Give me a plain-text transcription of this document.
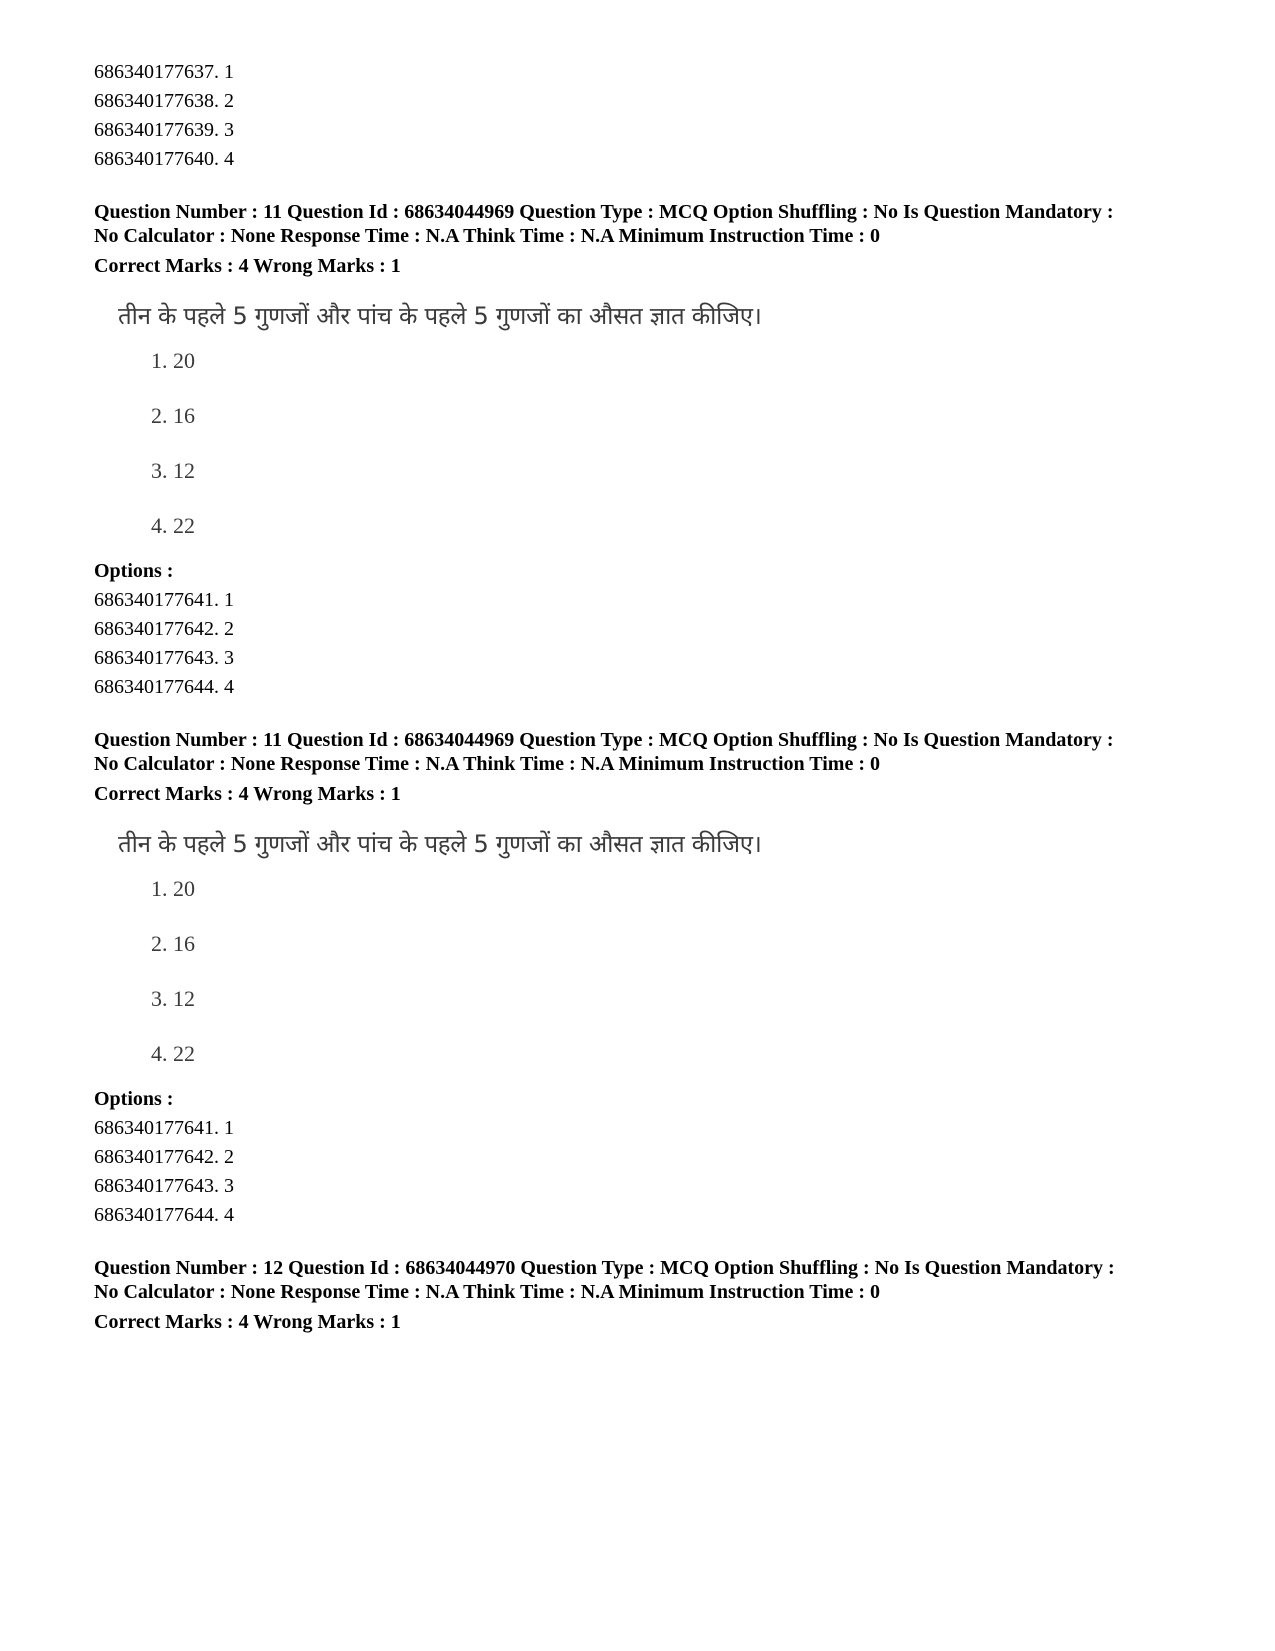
686340177637. 1
686340177638. 2
686340177639. 3
686340177640. 4
Question Number : 11 Question Id : 68634044969 Question Type : MCQ Option Shuffling : No Is Question Mandatory :
No Calculator : None Response Time : N.A Think Time : N.A Minimum Instruction Time : 0
Correct Marks : 4 Wrong Marks : 1
तीन के पहले 5 गुणजों और पांच के पहले 5 गुणजों का औसत ज्ञात कीजिए।
1. 20
2. 16
3. 12
4. 22
Options :
686340177641. 1
686340177642. 2
686340177643. 3
686340177644. 4
Question Number : 11 Question Id : 68634044969 Question Type : MCQ Option Shuffling : No Is Question Mandatory :
No Calculator : None Response Time : N.A Think Time : N.A Minimum Instruction Time : 0
Correct Marks : 4 Wrong Marks : 1
तीन के पहले 5 गुणजों और पांच के पहले 5 गुणजों का औसत ज्ञात कीजिए।
1. 20
2. 16
3. 12
4. 22
Options :
686340177641. 1
686340177642. 2
686340177643. 3
686340177644. 4
Question Number : 12 Question Id : 68634044970 Question Type : MCQ Option Shuffling : No Is Question Mandatory :
No Calculator : None Response Time : N.A Think Time : N.A Minimum Instruction Time : 0
Correct Marks : 4 Wrong Marks : 1
